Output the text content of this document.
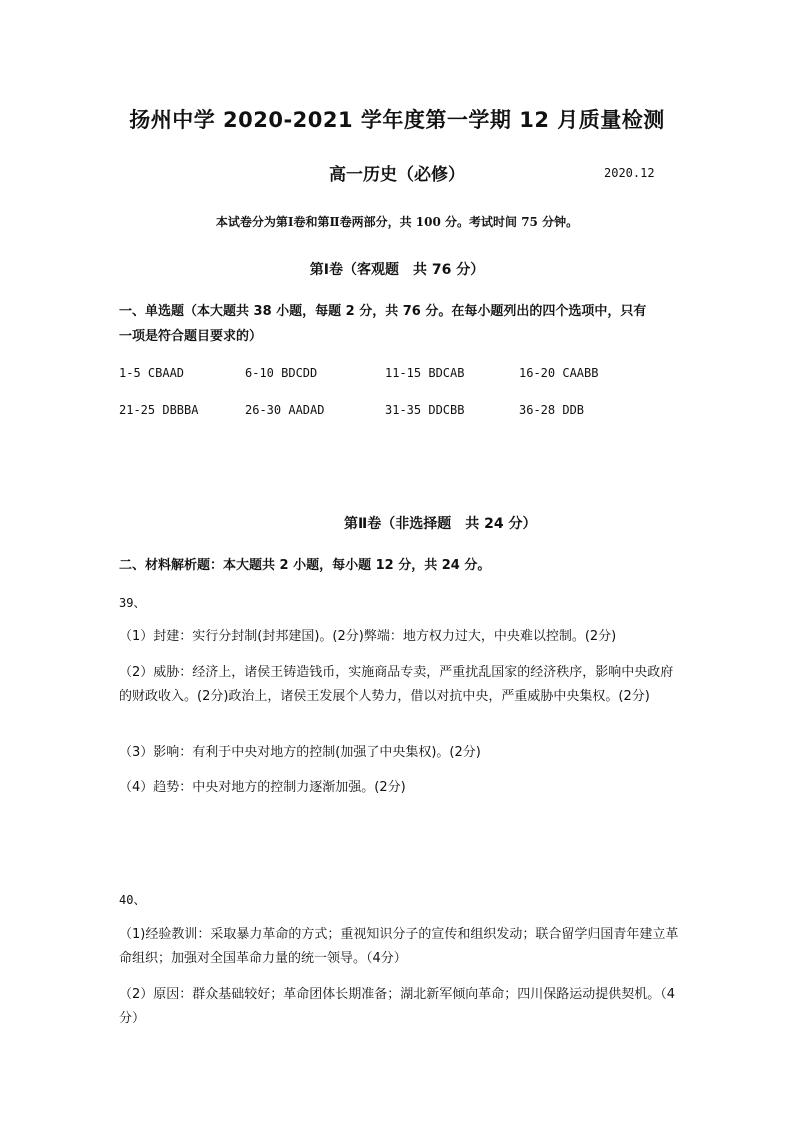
扬州中学 2020-2021 学年度第一学期 12 月质量检测
高一历史（必修）	2020.12
本试卷分为第Ⅰ卷和第Ⅱ卷两部分，共 100 分。考试时间 75 分钟。
第Ⅰ卷（客观题　共 76 分）
一、单选题（本大题共 38 小题，每题 2 分，共 76 分。在每小题列出的四个选项中，只有
一项是符合题目要求的）
1-5 CBAAD	6-10 BDCDD	11-15 BDCAB	16-20 CAABB
21-25 DBBBA	26-30 AADAD	31-35 DDCBB	36-28 DDB
第Ⅱ卷（非选择题　共 24 分）
二、材料解析题：本大题共 2 小题，每小题 12 分，共 24 分。
39、
（1）封建：实行分封制(封邦建国)。(2分)弊端：地方权力过大，中央难以控制。(2分)
（2）威胁：经济上，诸侯王铸造钱币，实施商品专卖，严重扰乱国家的经济秩序，影响中央政府的财政收入。(2分)政治上，诸侯王发展个人势力，借以对抗中央，严重威胁中央集权。(2分)
（3）影响：有利于中央对地方的控制(加强了中央集权)。(2分)
（4）趋势：中央对地方的控制力逐渐加强。(2分)
40、
（1)经验教训：采取暴力革命的方式；重视知识分子的宣传和组织发动；联合留学归国青年建立革命组织；加强对全国革命力量的统一领导。（4分）
（2）原因：群众基础较好；革命团体长期准备；湖北新军倾向革命；四川保路运动提供契机。（4分）
